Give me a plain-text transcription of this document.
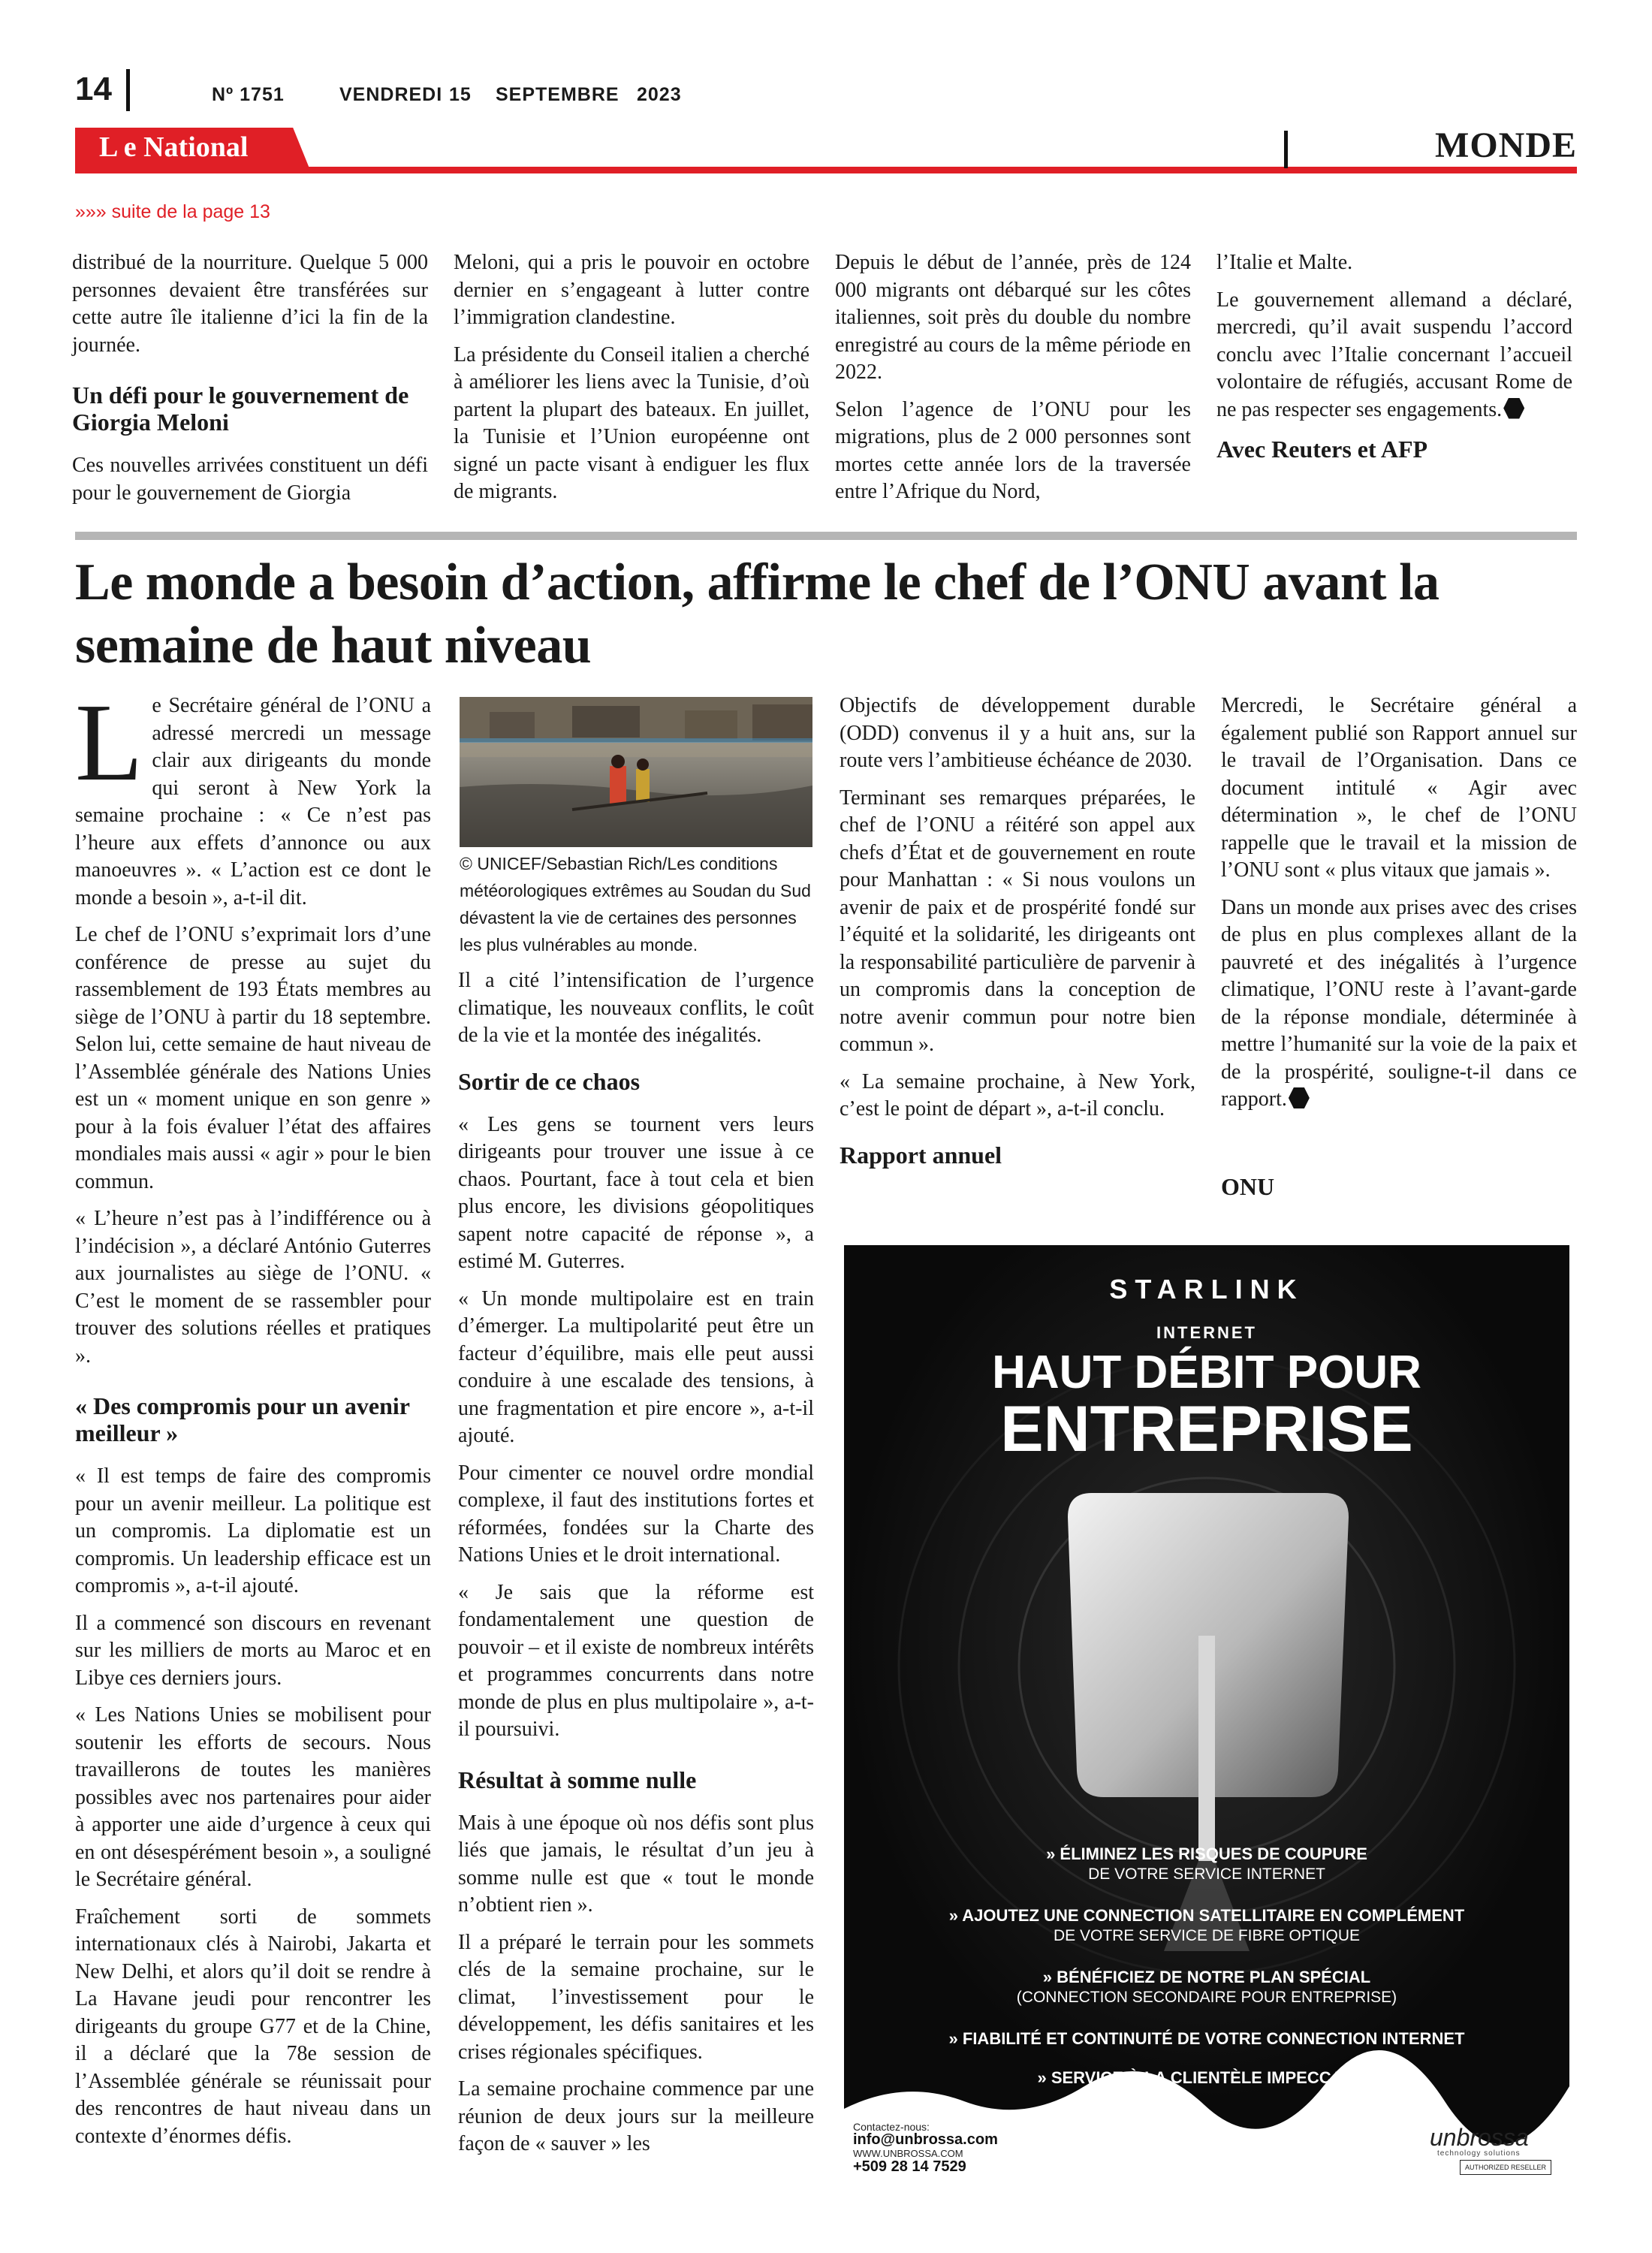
14	Nº 1751	VENDREDI 15 SEPTEMBRE 2023
L e National	MONDE
»»» suite de la page 13

distribué de la nourriture. Quelque 5 000 personnes devaient être transférées sur cette autre île italienne d’ici la fin de la journée.

Un défi pour le gouvernement de Giorgia Meloni

Ces nouvelles arrivées constituent un défi pour le gouvernement de Giorgia

Meloni, qui a pris le pouvoir en octobre dernier en s’engageant à lutter contre l’immigration clandestine.

La présidente du Conseil italien a cherché à améliorer les liens avec la Tunisie, d’où partent la plupart des bateaux. En juillet, la Tunisie et l’Union européenne ont signé un pacte visant à endiguer les flux de migrants.

Depuis le début de l’année, près de 124 000 migrants ont débarqué sur les côtes italiennes, soit près du double du nombre enregistré au cours de la même période en 2022.

Selon l’agence de l’ONU pour les migrations, plus de 2 000 personnes sont mortes cette année lors de la traversée entre l’Afrique du Nord,

l’Italie et Malte.

Le gouvernement allemand a déclaré, mercredi, qu’il avait suspendu l’accord conclu avec l’Italie concernant l’accueil volontaire de réfugiés, accusant Rome de ne pas respecter ses engagements.

Avec Reuters et AFP
Le monde a besoin d’action, affirme le chef de l’ONU avant la semaine de haut niveau

Le Secrétaire général de l’ONU a adressé mercredi un message clair aux dirigeants du monde qui seront à New York la semaine prochaine : « Ce n’est pas l’heure aux effets d’annonce ou aux manoeuvres ». « L’action est ce dont le monde a besoin », a-t-il dit.

Le chef de l’ONU s’exprimait lors d’une conférence de presse au sujet du rassemblement de 193 États membres au siège de l’ONU à partir du 18 septembre. Selon lui, cette semaine de haut niveau de l’Assemblée générale des Nations Unies est un « moment unique en son genre » pour à la fois évaluer l’état des affaires mondiales mais aussi « agir » pour le bien commun.

« L’heure n’est pas à l’indifférence ou à l’indécision », a déclaré António Guterres aux journalistes au siège de l’ONU. « C’est le moment de se rassembler pour trouver des solutions réelles et pratiques ».

« Des compromis pour un avenir meilleur »

« Il est temps de faire des compromis pour un avenir meilleur. La politique est un compromis. La diplomatie est un compromis. Un leadership efficace est un compromis », a-t-il ajouté.

Il a commencé son discours en revenant sur les milliers de morts au Maroc et en Libye ces derniers jours.

« Les Nations Unies se mobilisent pour soutenir les efforts de secours. Nous travaillerons de toutes les manières possibles avec nos partenaires pour aider à apporter une aide d’urgence à ceux qui en ont désespérément besoin », a souligné le Secrétaire général.

Fraîchement sorti de sommets internationaux clés à Nairobi, Jakarta et New Delhi, et alors qu’il doit se rendre à La Havane jeudi pour rencontrer les dirigeants du groupe G77 et de la Chine, il a déclaré que la 78e session de l’Assemblée générale se réunissait pour des rencontres de haut niveau dans un contexte d’énormes défis.

© UNICEF/Sebastian Rich/Les conditions météorologiques extrêmes au Soudan du Sud dévastent la vie de certaines des personnes les plus vulnérables au monde.

Il a cité l’intensification de l’urgence climatique, les nouveaux conflits, le coût de la vie et la montée des inégalités.

Sortir de ce chaos

« Les gens se tournent vers leurs dirigeants pour trouver une issue à ce chaos. Pourtant, face à tout cela et bien plus encore, les divisions géopolitiques sapent notre capacité de réponse », a estimé M. Guterres.

« Un monde multipolaire est en train d’émerger. La multipolarité peut être un facteur d’équilibre, mais elle peut aussi conduire à une escalade des tensions, à une fragmentation et pire encore », a-t-il ajouté.

Pour cimenter ce nouvel ordre mondial complexe, il faut des institutions fortes et réformées, fondées sur la Charte des Nations Unies et le droit international.

« Je sais que la réforme est fondamentalement une question de pouvoir – et il existe de nombreux intérêts et programmes concurrents dans notre monde de plus en plus multipolaire », a-t-il poursuivi.

Résultat à somme nulle

Mais à une époque où nos défis sont plus liés que jamais, le résultat d’un jeu à somme nulle est que « tout le monde n’obtient rien ».

Il a préparé le terrain pour les sommets clés de la semaine prochaine, sur le climat, l’investissement pour le développement, les défis sanitaires et les crises régionales spécifiques.

La semaine prochaine commence par une réunion de deux jours sur la meilleure façon de « sauver » les

Objectifs de développement durable (ODD) convenus il y a huit ans, sur la route vers l’ambitieuse échéance de 2030.

Terminant ses remarques préparées, le chef de l’ONU a réitéré son appel aux chefs d’État et de gouvernement en route pour Manhattan : « Si nous voulons un avenir de paix et de prospérité fondé sur l’équité et la solidarité, les dirigeants ont la responsabilité particulière de parvenir à un compromis dans la conception de notre avenir commun pour notre bien commun ».

« La semaine prochaine, à New York, c’est le point de départ », a-t-il conclu.

Rapport annuel

Mercredi, le Secrétaire général a également publié son Rapport annuel sur le travail de l’Organisation. Dans ce document intitulé « Agir avec détermination », le chef de l’ONU rappelle que le travail et la mission de l’ONU sont « plus vitaux que jamais ».

Dans un monde aux prises avec des crises de plus en plus complexes allant de la pauvreté et des inégalités à l’urgence climatique, l’ONU reste à l’avant-garde de la réponse mondiale, déterminée à mettre l’humanité sur la voie de la paix et de la prospérité, souligne-t-il dans ce rapport.

ONU
STARLINK
INTERNET
HAUT DÉBIT POUR
ENTREPRISE
» ÉLIMINEZ LES RISQUES DE COUPURE
DE VOTRE SERVICE INTERNET
» AJOUTEZ UNE CONNECTION SATELLITAIRE EN COMPLÉMENT
DE VOTRE SERVICE DE FIBRE OPTIQUE
» BÉNÉFICIEZ DE NOTRE PLAN SPÉCIAL
(CONNECTION SECONDAIRE POUR ENTREPRISE)
» FIABILITÉ ET CONTINUITÉ DE VOTRE CONNECTION INTERNET
» SERVICE À LA CLIENTÈLE IMPECCABLE
Contactez-nous:
info@unbrossa.com
WWW.UNBROSSA.COM
+509 28 14 7529
unbrossa
technology solutions
AUTHORIZED RESELLER
